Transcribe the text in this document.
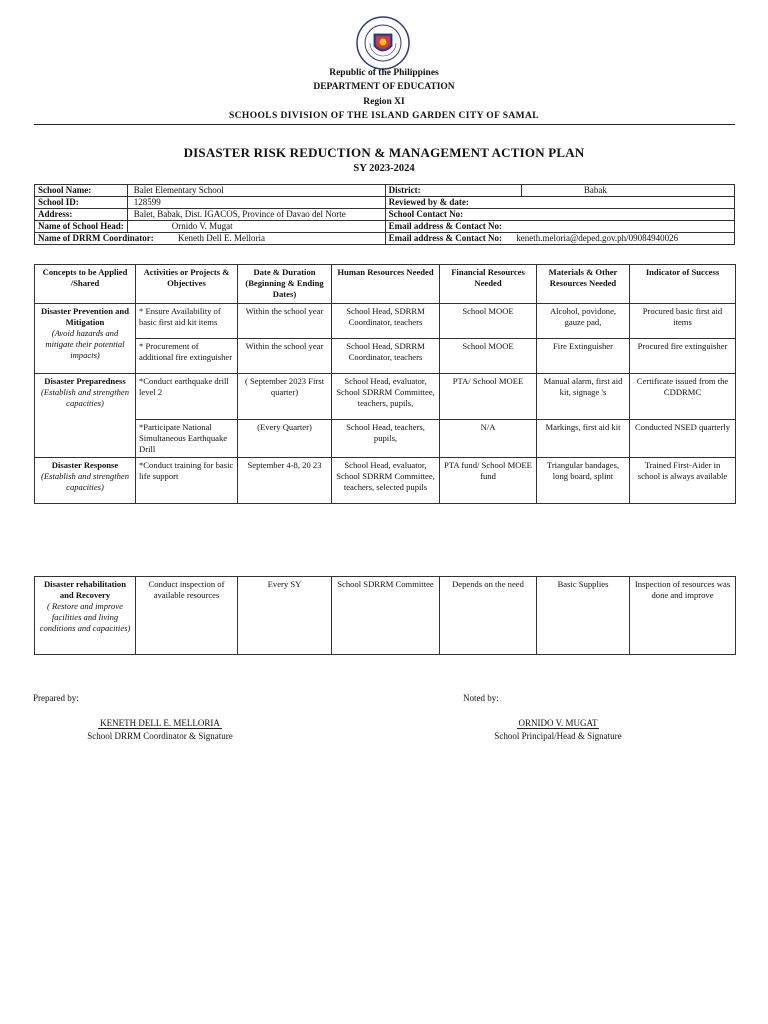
Republic of the Philippines
DEPARTMENT OF EDUCATION
Region XI
SCHOOLS DIVISION OF THE ISLAND GARDEN CITY OF SAMAL
DISASTER RISK REDUCTION & MANAGEMENT ACTION PLAN
SY 2023-2024
School Name:	Balet Elementary School	District:	Babak
School ID:	128599	Reviewed by & date:	
Address:	Balet, Babak, Dist. IGACOS, Province of Davao del Norte	School Contact No:	
Name of School Head:	Ornido V. Mugat	Email address & Contact No:	
Name of DRRM Coordinator: Keneth Dell E. Melloria		Email address & Contact No: keneth.meloria@deped.gov.ph/09084940026	
Concepts to be Applied /Shared	Activities or Projects & Objectives	Date & Duration (Beginning & Ending Dates)	Human Resources Needed	Financial Resources Needed	Materials & Other Resources Needed	Indicator of Success

Disaster Prevention and Mitigation
(Avoid hazards and mitigate their potential impacts)	* Ensure Availability of basic first aid kit items	Within the school year	School Head, SDRRM Coordinator, teachers	School MOOE	Alcohol, povidone, gauze pad,	Procured basic first aid items
	* Procurement of additional fire extinguisher	Within the school year	School Head, SDRRM Coordinator, teachers	School MOOE	Fire Extinguisher	Procured fire extinguisher

Disaster Preparedness
(Establish and strengthen capacities)	*Conduct earthquake drill level 2	( September 2023 First quarter)	School Head, evaluator, School SDRRM Committee, teachers, pupils,	PTA/ School MOEE	Manual alarm, first aid kit, signage 's	Certificate issued from the CDDRMC
	*Participate National Simultaneous Earthquake Drill	(Every Quarter)	School Head, teachers, pupils,	N/A	Markings, first aid kit	Conducted NSED quarterly

Disaster Response
(Establish and strengthen capacities)	*Conduct training for basic life support	September 4-8, 20 23	School Head, evaluator, School SDRRM Committee, teachers, selected pupils	PTA fund/ School MOEE fund	Triangular bandages, long board, splint	Trained First-Aider in school is always available
Disaster rehabilitation and Recovery
( Restore and improve facilities and living conditions and capacities)
	Conduct inspection of available resources	Every SY	School SDRRM Committee	Depends on the need	Basic Supplies	Inspection of resources was done and improve
Prepared by:	Noted by:
KENETH DELL E. MELLORIA
School DRRM Coordinator & Signature
ORNIDO V. MUGAT
School Principal/Head & Signature
